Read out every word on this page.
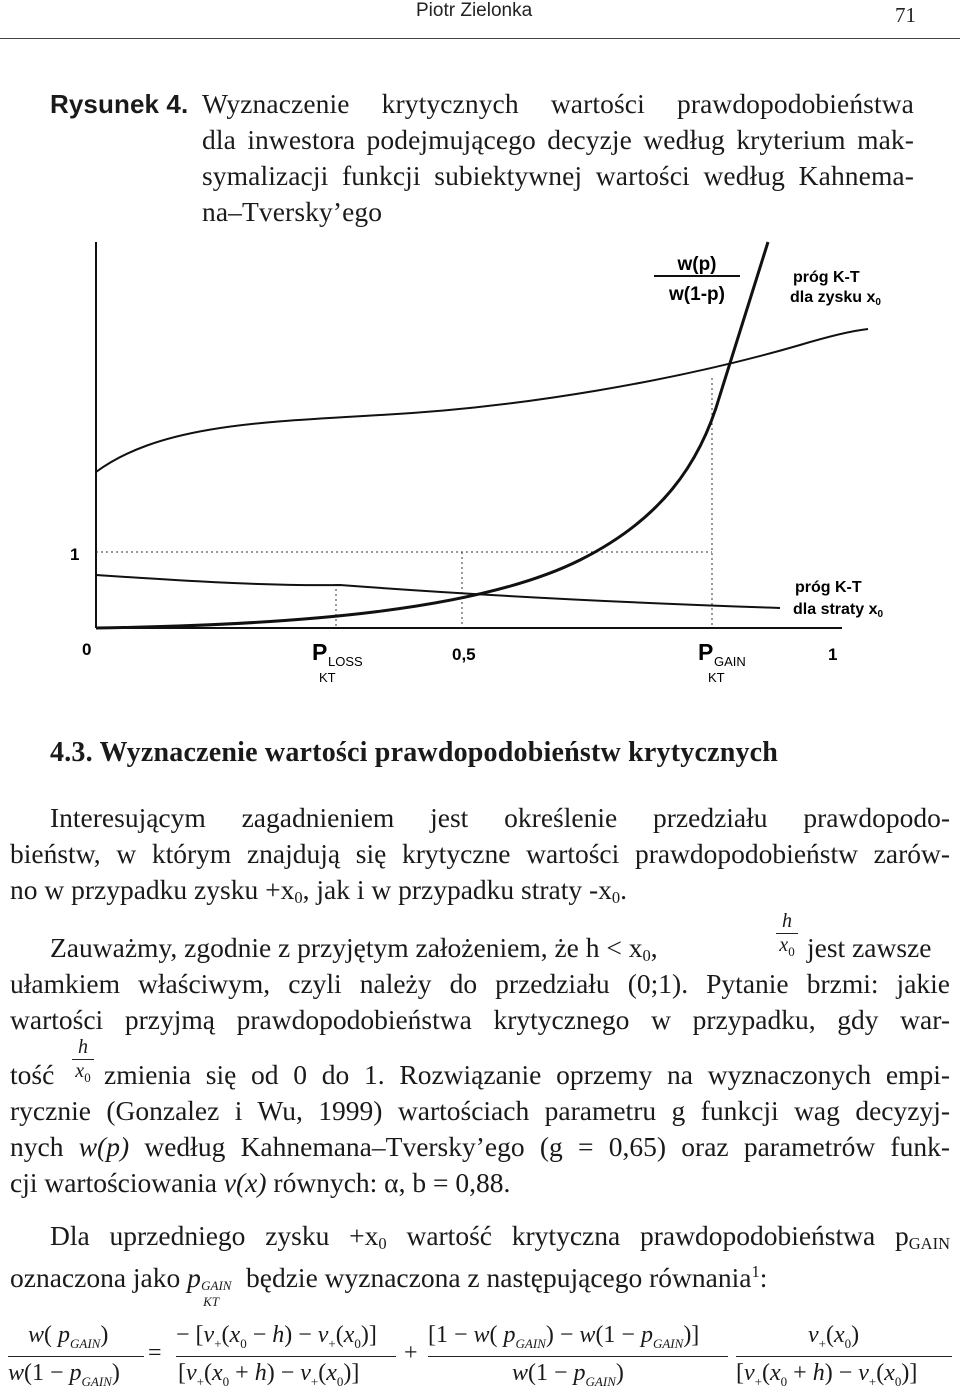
Piotr Zielonka	71
Rysunek 4. Wyznaczenie krytycznych wartości prawdopodobieństwa
dla inwestora podejmującego decyzje według kryterium mak-
symalizacji funkcji subiektywnej wartości według Kahnema-
na–Tversky’ego
w(p)
w(1-p)
próg K-T
dla zysku x0
próg K-T
dla straty x0
1
0	0,5	1
P LOSS
KT
P GAIN
KT
4.3. Wyznaczenie wartości prawdopodobieństw krytycznych
Interesującym zagadnieniem jest określenie przedziału prawdopodo-
bieństw, w którym znajdują się krytyczne wartości prawdopodobieństw zarów-
no w przypadku zysku $+x_0$, jak i w przypadku straty $-x_0$.
Zauważmy, zgodnie z przyjętym założeniem, że $h < x_0$,	$\frac{h}{x_0}$ jest zawsze
ułamkiem właściwym, czyli należy do przedziału (0;1). Pytanie brzmi: jakie
wartości przyjmą prawdopodobieństwa krytycznego w przypadku, gdy war-
tość $\frac{h}{x_0}$ zmienia się od 0 do 1. Rozwiązanie oprzemy na wyznaczonych empi-
rycznie (Gonzalez i Wu, 1999) wartościach parametru g funkcji wag decyzyj-
nych w(p) według Kahnemana–Tversky’ego (g = 0,65) oraz parametrów funk-
cji wartościowania v(x) równych: α, b = 0,88.
Dla uprzedniego zysku $+x_0$ wartość krytyczna prawdopodobieństwa $p_{GAIN}$
oznaczona jako p GAIN
KT
będzie wyznaczona z następującego równania$^1$:
w( $p_{GAIN}$)
$w(1 - p_{GAIN})$
=
− $[v_+(x_0 - h) - v_+(x_0)]$
$[v_+(x_0 + h) - v_+(x_0)]$
+
[1 − w( $p_{GAIN}) - w(1 - p_{GAIN})$]
$w(1 - p_{GAIN})$
$v_+(x_0)$
$[v_+(x_0 + h) - v_+(x_0)]$
